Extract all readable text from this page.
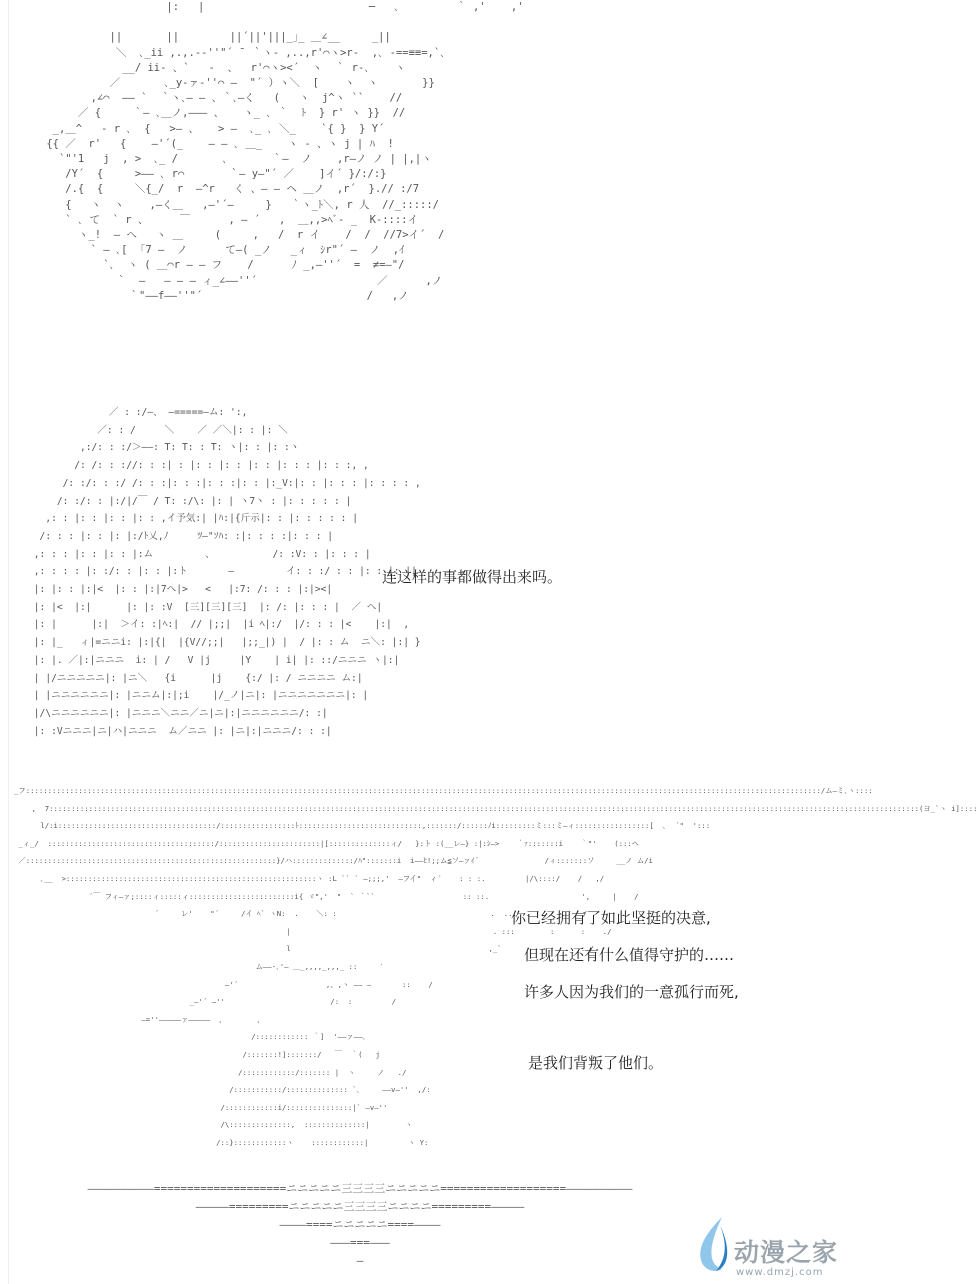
|:   |                          ─   ､         ｀ ,'    ,'

||       ||        ||´||'|||_｣_ ＿∠__     _||
＼  ､_ii ,.,.-‐''"´ ¯ ｀ヽ- ,..,r'⌒ヽ>r‐  ,､ -==≡≡=,`､
__/ ii‐ 、`   -  、  r'⌒ヽ><´  ヽ  ｀ r‐､    ヽ
／       ､_y‐ァ‐''⌒ ‒  "´ ）ヽ＼  [    ヽ  ヽ       }}
,∠⌒  ‒‒ `  ｀ヽ､‒ ‒ 、｀､‒く   (   ヽ  j^ヽ ``    //
／ {     ｀‒ ､＿ノ,‒‒‒ 、   ヽ_ ､ ｀  ﾄ  } r' ヽ }}  //
_,＿^   ‐ r ､  {   >‒ 、   > ‒  ､_ ､ ＼_    `{ }  } Y´
{{ ／  r'   {    ‒'´(_    ‒ ‒ ､ ＿_    ヽ ‐ 、ヽ j | ﾊ  !
`"'1   j  , >  ､_ /       ､       ｀‒  ノ    ,r‒ノ ノ | |,|ヽ
/Y´  {     >‒‒ ､ r⌒       ｀‒ y‒"´ ／    ]イ´ }/:/:}
/.{  {     ＼{_/  r  ‒^r   く 、‒ ‒ ヘ ＿ノ  ,r´  }.// :/7
{   ヽ  ヽ    ,‒く＿   ,‒'´‒     }   ｀ヽ_ﾄ＼, r 人  //_:::::/
` ､ て  ` r 、     ￣      , ‒ ´   ,  ＿,,>ﾍﾞ- _  K-::::イ
ヽ_!  ‒ へ   ヽ ＿     (     ,   /  r イ    /  /  //7>イ´  /
` ‒ ､[  ｢7 ‒  ノ      て‒( _ノ   _ィ  ｼr"´ ‒  ノ  ,ｲ
`､  ヽ ( ＿⌒r ‒ ‒ フ    /      ﾉ _,‒''´  =  ≠=‒"/
｀  ‒   ‒ ‒ ‒ ィ_∠‒‒''´                   ／      ,ノ
｀"‒‒f‒‒''"´                          /   ,ノ
／ : :/‒、 ‒=====‒ム: ':,
／: : /     ＼    ／ ／＼|: : |: ＼
,:/: : :/＞‒‒: T: T: : T: ヽ|: : |: :ヽ
/: /: : ://: : :| : |: : |: : |: : |: : : |: : :, ,
/: :/: : :/ /: : :|: : :|: : :|: : |:_V:|: : |: : : |: : : : ,
/: :/: : |:/|/￣ / T: :/\: |: | ヽ7ヽ : |: : : : : |
,: : |: : |: : |: : ,イ予気:| |ﾊ:|{斤示|: : |: : : : : |
/: : : |: : |: |:/ﾄ乂,ﾉ     ﾂ‒"ｿﾊ: :|: : : :|: : : |
,: : : |: : |: : |:ム         、          /: :V: : |: : : |
,: : : : |: :/: : |: : |:ト       ‒         イ: : :/ : : |: : |: ||
|: |: : |:|<  |: : |:|7へ|>   <   |:7: /: : : |:|><|
|: |<  |:|      |: |: :V  [三][三][三]  |: /: |: : : |  ／ ヘ|
|: |      |:|  ＞イ: :|ﾍ:|  // |;;|  |i ﾍ|:/  |/: : : |<    |:|  ,
|: |_   ィ|=ニニi: |:|{|  |{V//;;|   |;;_|) |  / |: : ム  ニ＼: |:| }
|: |. ／|:|ニニニ  i: | /   V |j     |Y    | i| |: ::/ニニニ ヽ|:|
| |/ニニニニニ|: |ニ＼   {i      |j    {:/ |: / ニニニニ ム:|
| |ニニニニニニ|: |ニニム|:|;i    |/_ノ|ニ|: |ニニニニニニニ|: |
|/\ニニニニニニ|: |ニニニ＼ニニ／ニ|ニ|:|ニニニニニニ/: :|
|: :Vニニニ|ニ|ハ|ニニニ  ム／ニニ |: |ニ|:|ニニニ/: : :|
_フ:::::::::::::::::::::::::::::::::::::::::::::::::::::::::::::::::::::::::::::::::::::::::::::::::::::::::::::::::::::::::::::::::::::::::::::::::::::::::::::::::::::::::::::::::::::/ム‒ミ､ヽ::::
,  7::::::::::::::::::::::::::::::::::::::::::::::::::::::::::::::::::::::::::::::::::::::::::::::::::::::::::::::::::::::::::::::::::::::::::::::::::::::::::::::::::::::::::::::::::::::::::::::::::::::(ヨ_`ヽ i]::::
l/:i::::::::::::::::::::::::::::::::::::/:::::::::::::::::ﾄ::::::::::::::::::::::::::::,:::::::/::::::ﾉi:::::::::ミ:::ミ‒ィ:::::::::::::::::[  ､  ´"  ':::
_ィ_/  ::::::::::::::::::::::::::::::::::::::/:::::::::::::::::::::::|[::::::::::::::ィ/   }:ト :(__レ‒} :|:ｼ‒>    ｀ｧ:::::::i    ｀"'    (:::ヘ
／:::::::::::::::::::::::::::::::::::::::::::::::::::::::::}/ハ::::::::::::::/ﾊ":::::::i  i‒‒ﾋ!;;ム≦ソ‒ァｲ´               /ィ:::::::ソ     __ノ ム/i
､__  >:::::::::::::::::::::::::::::::::::::::::::::::::::::::::ヽ :L `` ` ‒;;;,'  ‒フイ"  ィ´    : : :.         |/\::::/    /   ,/
´￣ フィ‒ァ;::::ィ:::::ィ::::::::::::::::::::::::i{ ゞ",'  "  ` ｀``                    :: ::.                     ',     |    /
´     レ'    "´     /イ ﾍ` ヽN:  .    ＼: :                                   .  ...  .    .  .    /
|                                              . :::        :      :    ./
l                                             ,_`           :      : /
ム‒‒-､'‒ ＿_,,,,_,,,_ ::     ′
‒'´                    ,、,ヽ ‒‒ ‒       ::    /
_‒'´ ‒''                        /:  :         /
‒=''‒‒‒‒‒ァ‒‒‒‒‒  、       、
/:::::::::::: ｀]  '‒‒ァ‒‒､
/:::::::!]:::::::/   ￣  ｀(   j
/::::::::::::/::::::: |  ヽ     ノ   ./
/:::::::::::/:::::::::::::: `､     ‒‒v‒''  ,/:
/::::::::::::i/:::::::::::::::|` ‒v‒''
/\::::::::::::::,  ::::::::::::::|        ヽ
/::}::::::::::::ヽ    ::::::::::::|         ヽ Y:
连这样的事都做得出来吗。
你已经拥有了如此坚挺的决意,
但现在还有什么值得守护的……
许多人因为我们的一意孤行而死,
是我们背叛了他们。
‒‒‒‒‒‒‒‒‒‒====================ニニニニニ三三三三ニニニニニ===================‒‒‒‒‒‒‒‒‒‒
‒‒‒‒‒=========ニニニニニ三三三三ニニニニ=========‒‒‒‒‒
‒‒‒‒====ニニニニニ====‒‒‒‒
‒‒‒===‒‒‒
‒	动漫之家
www.dmzj.com
